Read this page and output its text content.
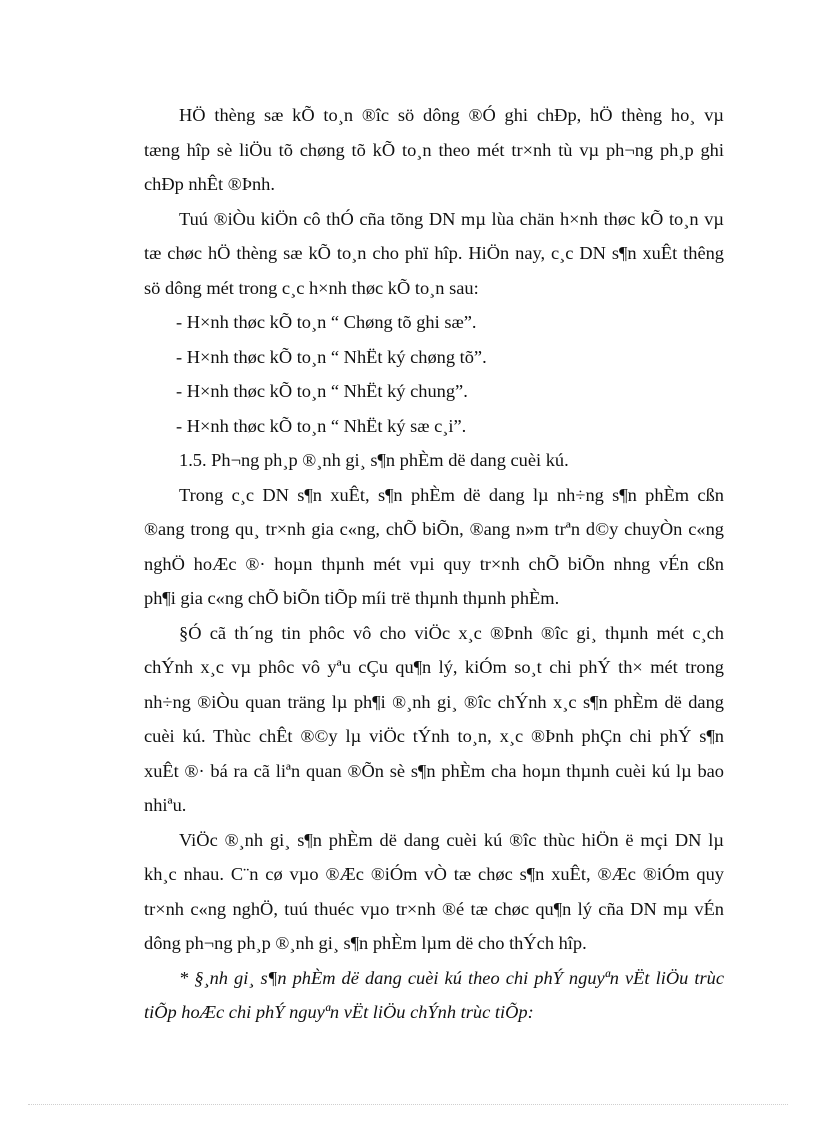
HÖ thèng sæ kÕ to¸n ®îc sö dông ®Ó ghi chÐp, hÖ thèng ho¸ vµ
tæng hîp sè liÖu tõ chøng tõ kÕ to¸n theo mét tr×nh tù vµ ph¬ng ph¸p ghi
chÐp nhÊt ®Þnh.
Tuú ®iÒu kiÖn cô thÓ cña tõng DN mµ lùa chän h×nh thøc kÕ to¸n vµ
tæ chøc hÖ thèng sæ kÕ to¸n cho phï hîp. HiÖn nay, c¸c DN s¶n xuÊt thêng
sö dông mét trong c¸c h×nh thøc kÕ to¸n sau:
- H×nh thøc kÕ to¸n “ Chøng tõ ghi sæ”.
- H×nh thøc kÕ to¸n “ NhËt ký chøng tõ”.
- H×nh thøc kÕ to¸n “ NhËt ký chung”.
- H×nh thøc kÕ to¸n “ NhËt ký sæ c¸i”.
1.5. Ph¬ng ph¸p ®¸nh gi¸ s¶n phÈm dë dang cuèi kú.
Trong c¸c DN s¶n xuÊt, s¶n phÈm dë dang lµ nh÷ng s¶n phÈm cßn
®ang trong qu¸ tr×nh gia c«ng, chÕ biÕn, ®ang n»m trªn d©y chuyÒn c«ng
nghÖ hoÆc ®· hoµn thµnh mét vµi quy tr×nh chÕ biÕn nhng vÉn cßn
ph¶i gia c«ng chÕ biÕn tiÕp míi trë thµnh thµnh phÈm.
§Ó cã th´ng tin phôc vô cho viÖc x¸c ®Þnh ®îc gi¸ thµnh mét c¸ch
chÝnh x¸c vµ phôc vô yªu cÇu qu¶n lý, kiÓm so¸t chi phÝ th× mét trong
nh÷ng ®iÒu quan träng lµ ph¶i ®¸nh gi¸ ®îc chÝnh x¸c s¶n phÈm dë dang
cuèi kú. Thùc chÊt ®©y lµ viÖc tÝnh to¸n, x¸c ®Þnh phÇn chi phÝ s¶n
xuÊt ®· bá ra cã liªn quan ®Õn sè s¶n phÈm cha hoµn thµnh cuèi kú lµ bao
nhiªu.
ViÖc ®¸nh gi¸ s¶n phÈm dë dang cuèi kú ®îc thùc hiÖn ë mçi DN lµ
kh¸c nhau. C¨n cø vµo ®Æc ®iÓm vÒ tæ chøc s¶n xuÊt, ®Æc ®iÓm quy
tr×nh c«ng nghÖ, tuú thuéc vµo tr×nh ®é tæ chøc qu¶n lý cña DN mµ vÉn
dông ph¬ng ph¸p ®¸nh gi¸ s¶n phÈm lµm dë cho thÝch hîp.
* §¸nh gi¸ s¶n phÈm dë dang cuèi kú theo chi phÝ nguyªn vËt liÖu trùc
tiÕp hoÆc chi phÝ nguyªn vËt liÖu chÝnh trùc tiÕp:
